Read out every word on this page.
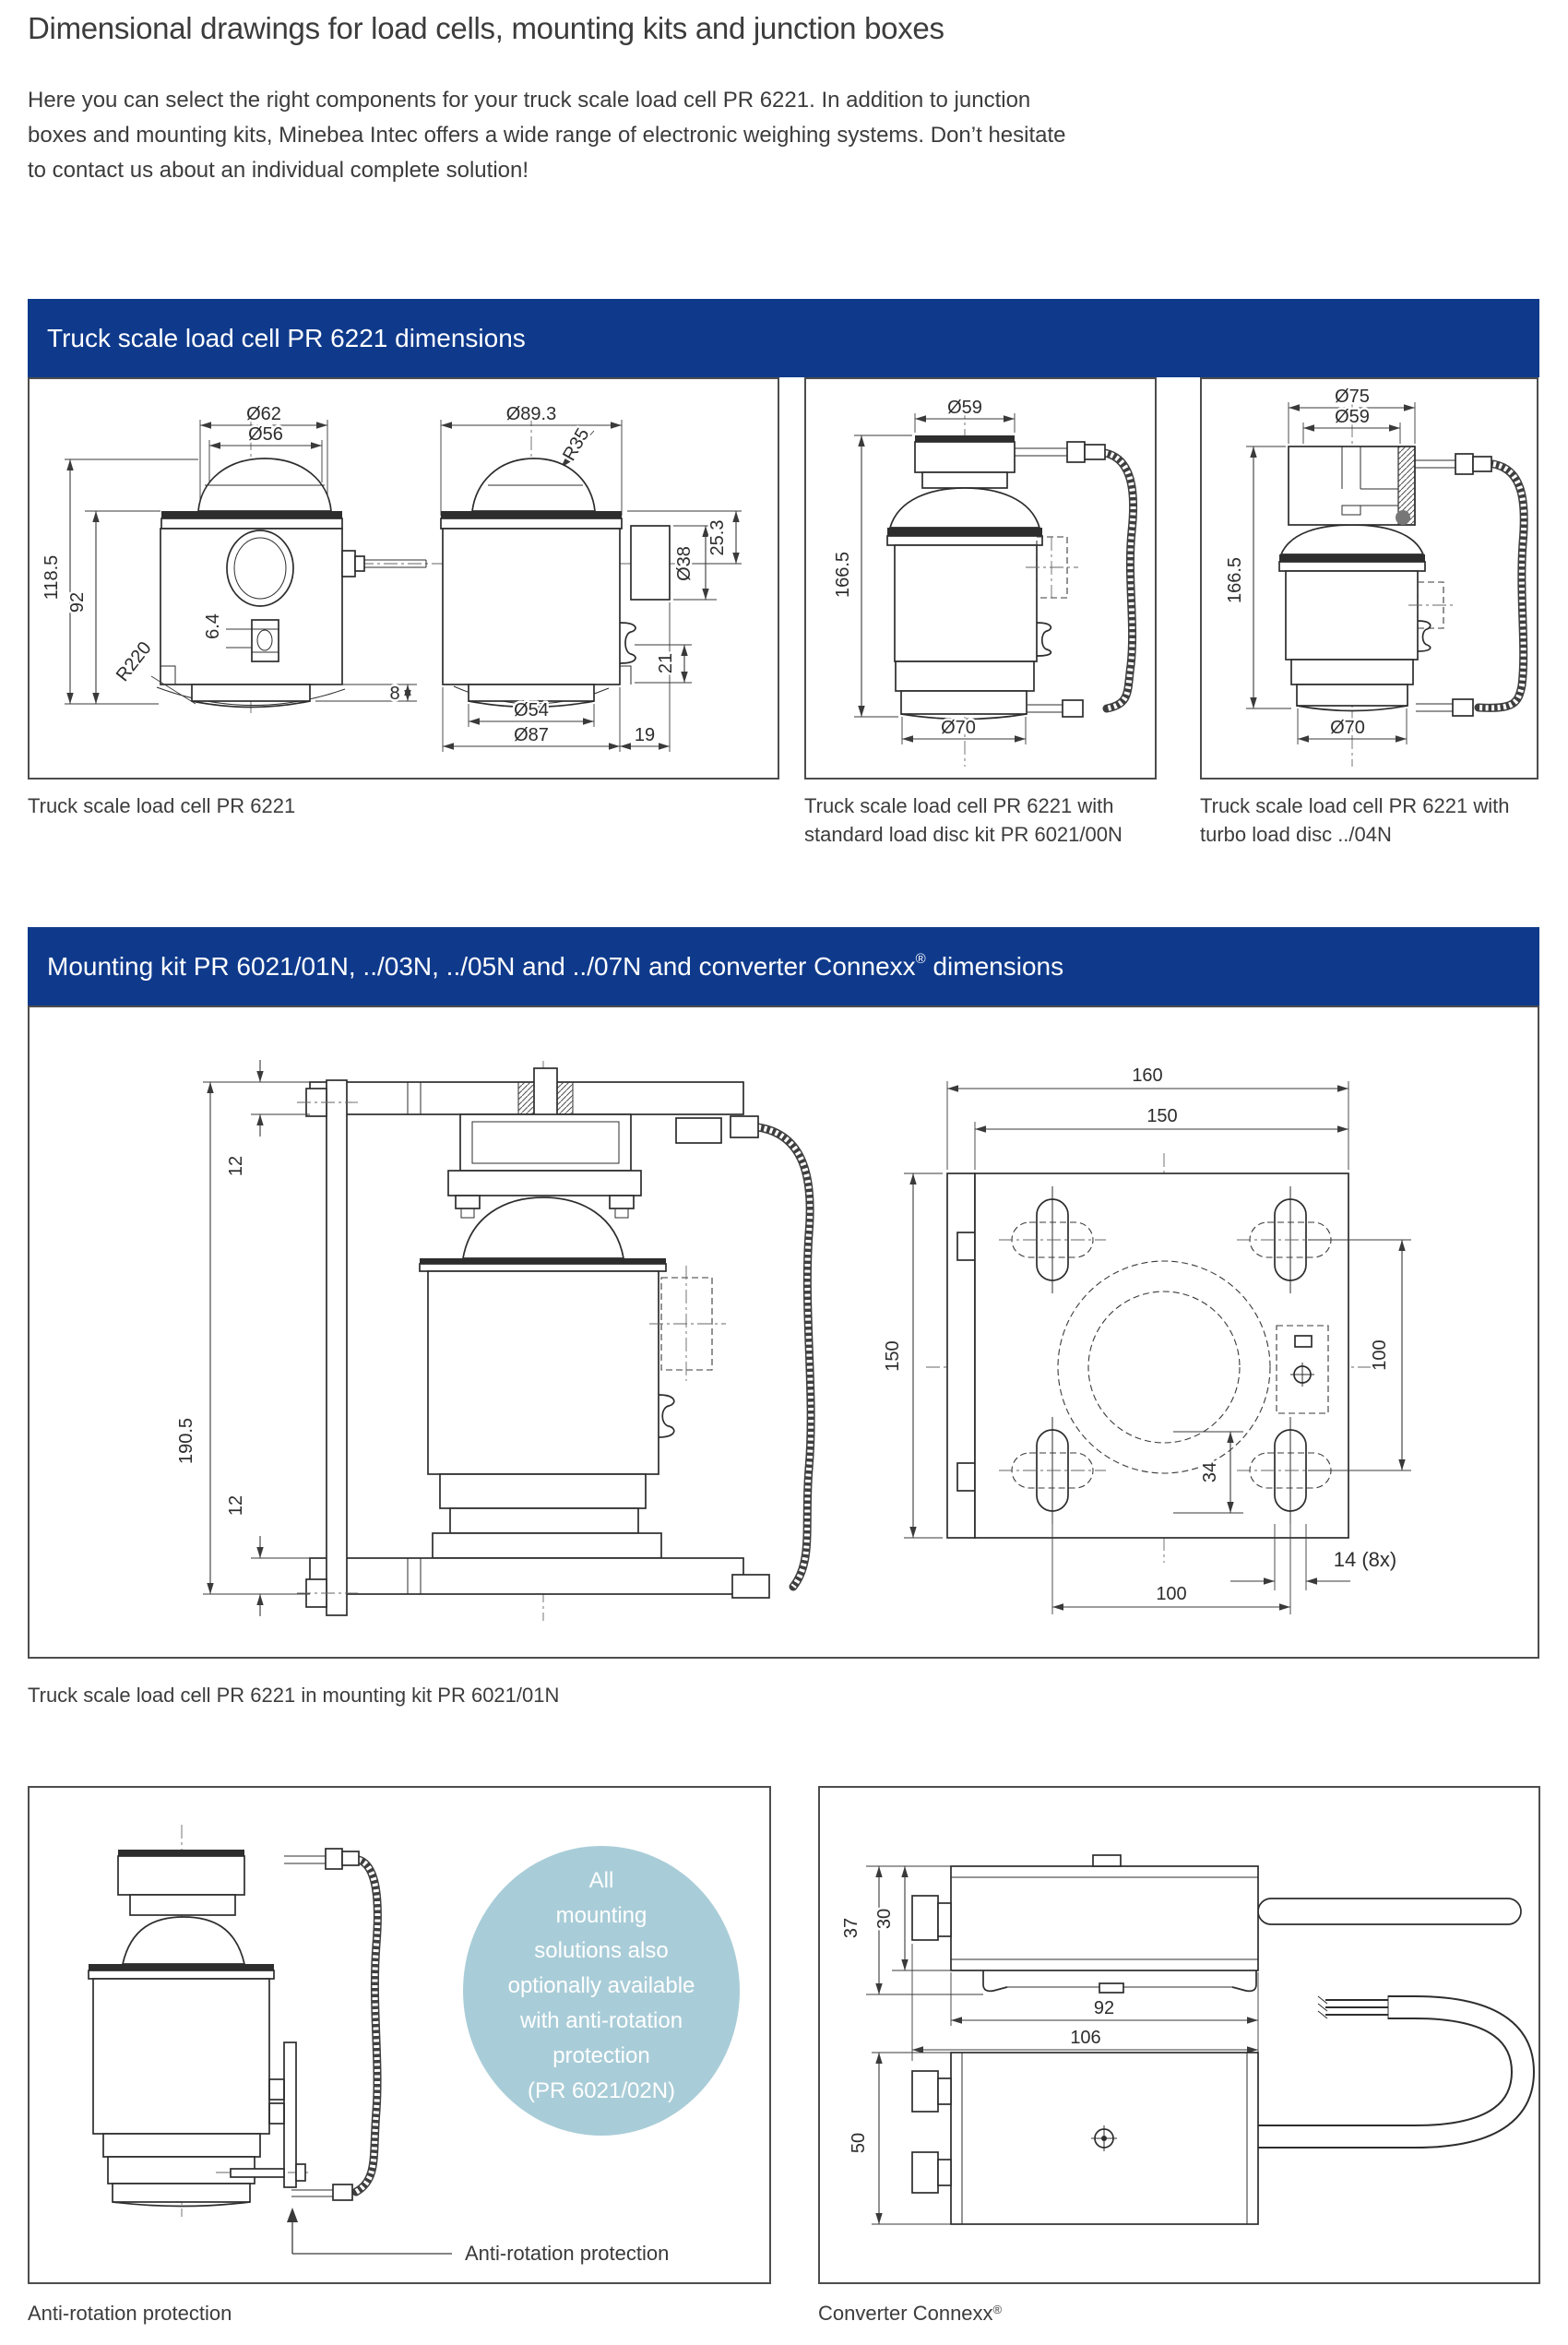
Dimensional drawings for load cells, mounting kits and junction boxes
Here you can select the right components for your truck scale load cell PR 6221. In addition to junction
boxes and mounting kits, Minebea Intec offers a wide range of electronic weighing systems. Don’t hesitate
to contact us about an individual complete solution!
Truck scale load cell PR 6221 dimensions
Ø62
Ø56
118.5
92
6.4
R220
8
Ø89.3
R35
25.3
Ø38
21
Ø54
Ø87	19
Ø59
166.5
Ø70
Ø75
Ø59
166.5
Ø70
Truck scale load cell PR 6221	Truck scale load cell PR 6221 with standard load disc kit PR 6021/00N
Truck scale load cell PR 6221 with turbo load disc ../04N
Mounting kit PR 6021/01N, ../03N, ../05N and ../07N and converter Connexx® dimensions
12
190.5
12
160
150
150	100
34
100
14 (8x)
Truck scale load cell PR 6221 in mounting kit PR 6021/01N
Anti-rotation protection
All
mounting
solutions also
optionally available
with anti-rotation
protection
(PR 6021/02N)
37 30
92
106
50
Anti-rotation protection	Converter Connexx®
